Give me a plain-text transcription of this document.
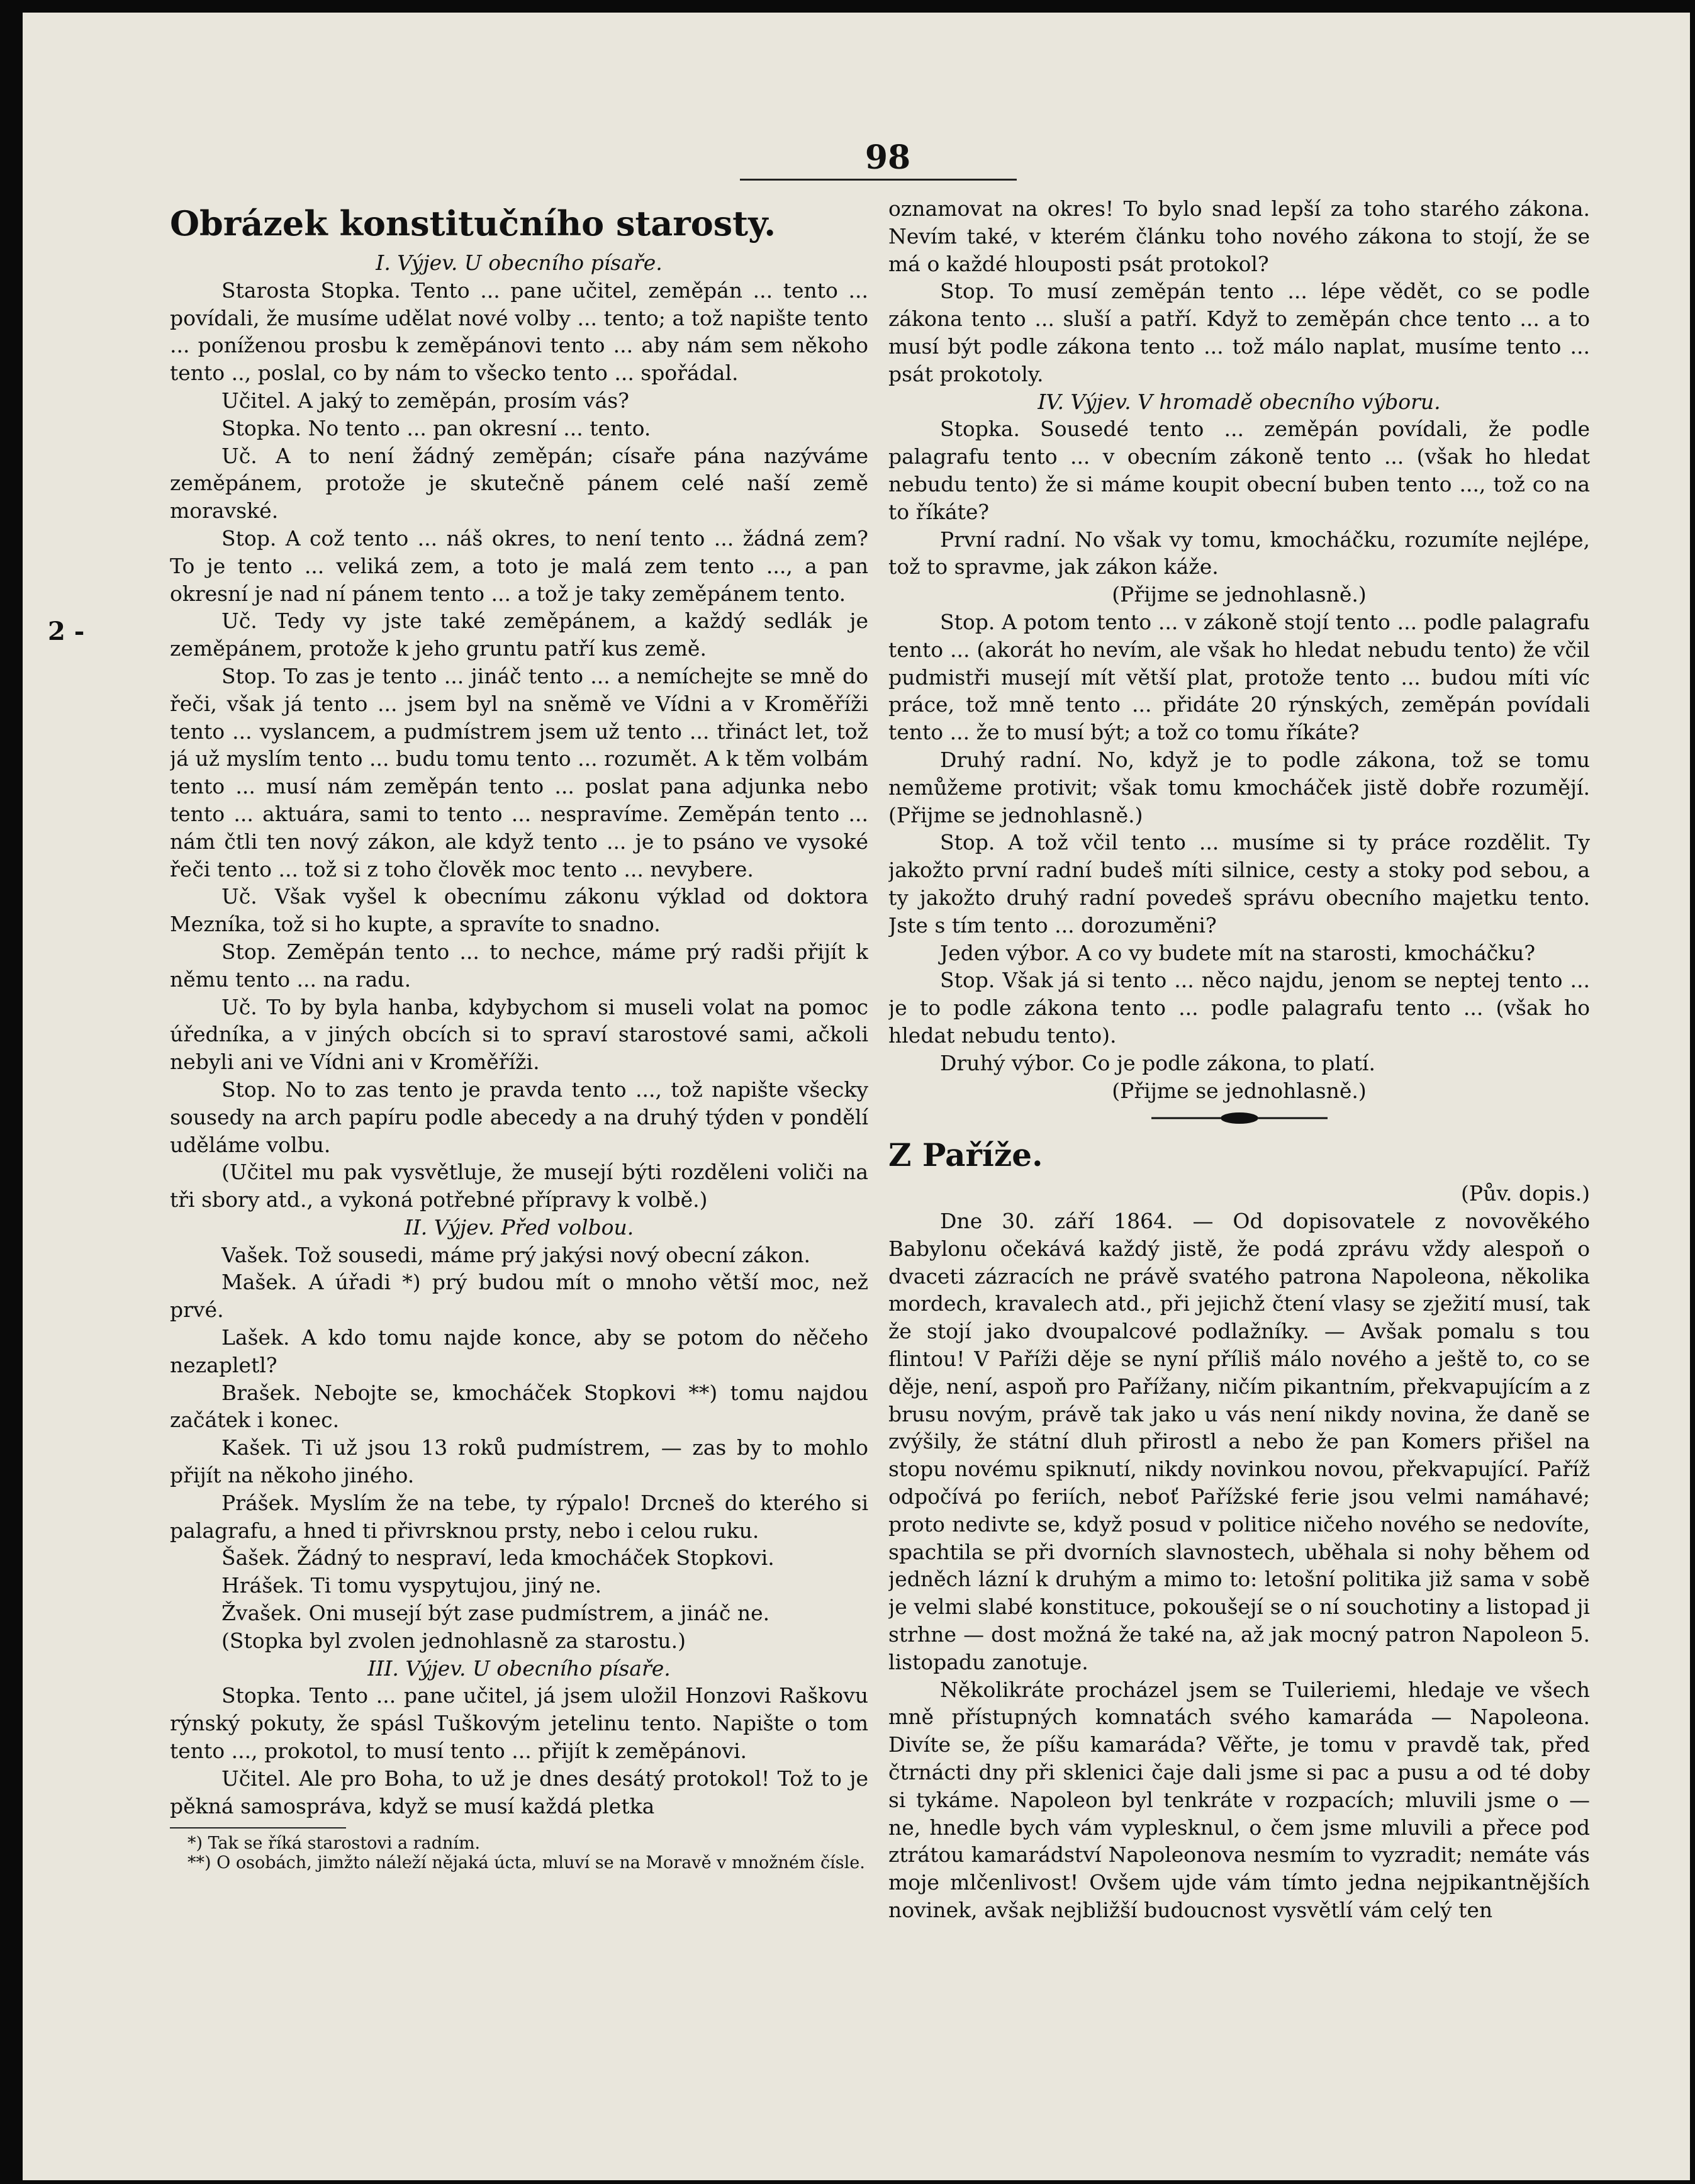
98

Obrázek konstitučního starosty.

I. Výjev. U obecního písaře.

Starosta Stopka. Tento ... pane učitel, zeměpán ... tento ... povídali, že musíme udělat nové volby ... tento; a tož napište tento ... poníženou prosbu k zeměpánovi tento ... aby nám sem někoho tento .., poslal, co by nám to všecko tento ... spořádal.

Učitel. A jaký to zeměpán, prosím vás?

Stopka. No tento ... pan okresní ... tento.

Uč. A to není žádný zeměpán; císaře pána nazýváme zeměpánem, protože je skutečně pánem celé naší země moravské.

Stop. A což tento ... náš okres, to není tento ... žádná zem? To je tento ... veliká zem, a toto je malá zem tento ..., a pan okresní je nad ní pánem tento ... a tož je taky zeměpánem tento.

Uč. Tedy vy jste také zeměpánem, a každý sedlák je zeměpánem, protože k jeho gruntu patří kus země.

Stop. To zas je tento ... jináč tento ... a nemíchejte se mně do řeči, však já tento ... jsem byl na sněmě ve Vídni a v Kroměříži tento ... vyslancem, a pudmístrem jsem už tento ... třináct let, tož já už myslím tento ... budu tomu tento ... rozumět. A k těm volbám tento ... musí nám zeměpán tento ... poslat pana adjunka nebo tento ... aktuára, sami to tento ... nespravíme. Zeměpán tento ... nám čtli ten nový zákon, ale když tento ... je to psáno ve vysoké řeči tento ... tož si z toho člověk moc tento ... nevybere.

Uč. Však vyšel k obecnímu zákonu výklad od doktora Mezníka, tož si ho kupte, a spravíte to snadno.

Stop. Zeměpán tento ... to nechce, máme prý radši přijít k němu tento ... na radu.

Uč. To by byla hanba, kdybychom si museli volat na pomoc úředníka, a v jiných obcích si to spraví starostové sami, ačkoli nebyli ani ve Vídni ani v Kroměříži.

Stop. No to zas tento je pravda tento ..., tož napište všecky sousedy na arch papíru podle abecedy a na druhý týden v pondělí uděláme volbu.

(Učitel mu pak vysvětluje, že musejí býti rozděleni voliči na tři sbory atd., a vykoná potřebné přípravy k volbě.)

II. Výjev. Před volbou.

Vašek. Tož sousedi, máme prý jakýsi nový obecní zákon.

Mašek. A úřadi *) prý budou mít o mnoho větší moc, než prvé.

Lašek. A kdo tomu najde konce, aby se potom do něčeho nezapletl?

Brašek. Nebojte se, kmocháček Stopkovi **) tomu najdou začátek i konec.

Kašek. Ti už jsou 13 roků pudmístrem, — zas by to mohlo přijít na někoho jiného.

Prášek. Myslím že na tebe, ty rýpalo! Drcneš do kterého si palagrafu, a hned ti přivrsknou prsty, nebo i celou ruku.

Šašek. Žádný to nespraví, leda kmocháček Stopkovi.

Hrášek. Ti tomu vyspytujou, jiný ne.

Žvašek. Oni musejí být zase pudmístrem, a jináč ne.

(Stopka byl zvolen jednohlasně za starostu.)

III. Výjev. U obecního písaře.

Stopka. Tento ... pane učitel, já jsem uložil Honzovi Raškovu rýnský pokuty, že spásl Tuškovým jetelinu tento. Napište o tom tento ..., prokotol, to musí tento ... přijít k zeměpánovi.

Učitel. Ale pro Boha, to už je dnes desátý protokol! Tož to je pěkná samospráva, když se musí každá pletka

*) Tak se říká starostovi a radním.

**) O osobách, jimžto náleží nějaká úcta, mluví se na Moravě v množném čísle.

oznamovat na okres! To bylo snad lepší za toho starého zákona. Nevím také, v kterém článku toho nového zákona to stojí, že se má o každé hlouposti psát protokol?

Stop. To musí zeměpán tento ... lépe vědět, co se podle zákona tento ... sluší a patří. Když to zeměpán chce tento ... a to musí být podle zákona tento ... tož málo naplat, musíme tento ... psát prokotoly.

IV. Výjev. V hromadě obecního výboru.

Stopka. Sousedé tento ... zeměpán povídali, že podle palagrafu tento ... v obecním zákoně tento ... (však ho hledat nebudu tento) že si máme koupit obecní buben tento ..., tož co na to říkáte?

První radní. No však vy tomu, kmocháčku, rozumíte nejlépe, tož to spravme, jak zákon káže.

(Přijme se jednohlasně.)

Stop. A potom tento ... v zákoně stojí tento ... podle palagrafu tento ... (akorát ho nevím, ale však ho hledat nebudu tento) že včil pudmistři musejí mít větší plat, protože tento ... budou míti víc práce, tož mně tento ... přidáte 20 rýnských, zeměpán povídali tento ... že to musí být; a tož co tomu říkáte?

Druhý radní. No, když je to podle zákona, tož se tomu nemůžeme protivit; však tomu kmocháček jistě dobře rozumějí. (Přijme se jednohlasně.)

Stop. A tož včil tento ... musíme si ty práce rozdělit. Ty jakožto první radní budeš míti silnice, cesty a stoky pod sebou, a ty jakožto druhý radní povedeš správu obecního majetku tento. Jste s tím tento ... dorozuměni?

Jeden výbor. A co vy budete mít na starosti, kmocháčku?

Stop. Však já si tento ... něco najdu, jenom se neptej tento ... je to podle zákona tento ... podle palagrafu tento ... (však ho hledat nebudu tento).

Druhý výbor. Co je podle zákona, to platí.

(Přijme se jednohlasně.)

Z Paříže.

(Pův. dopis.)

Dne 30. září 1864. — Od dopisovatele z novověkého Babylonu očekává každý jistě, že podá zprávu vždy alespoň o dvaceti zázracích ne právě svatého patrona Napoleona, několika mordech, kravalech atd., při jejichž čtení vlasy se zježití musí, tak že stojí jako dvoupalcové podlažníky. — Avšak pomalu s tou flintou! V Paříži děje se nyní příliš málo nového a ještě to, co se děje, není, aspoň pro Pařížany, ničím pikantním, překvapujícím a z brusu novým, právě tak jako u vás není nikdy novina, že daně se zvýšily, že státní dluh přirostl a nebo že pan Komers přišel na stopu novému spiknutí, nikdy novinkou novou, překvapující. Paříž odpočívá po feriích, neboť Pařížské ferie jsou velmi namáhavé; proto nedivte se, když posud v politice ničeho nového se nedovíte, spachtila se při dvorních slavnostech, uběhala si nohy během od jedněch lázní k druhým a mimo to: letošní politika již sama v sobě je velmi slabé konstituce, pokoušejí se o ní souchotiny a listopad ji strhne — dost možná že také na, až jak mocný patron Napoleon 5. listopadu zanotuje.

Několikráte procházel jsem se Tuileriemi, hledaje ve všech mně přístupných komnatách svého kamaráda — Napoleona. Divíte se, že píšu kamaráda? Věřte, je tomu v pravdě tak, před čtrnácti dny při sklenici čaje dali jsme si pac a pusu a od té doby si tykáme. Napoleon byl tenkráte v rozpacích; mluvili jsme o — ne, hnedle bych vám vyplesknul, o čem jsme mluvili a přece pod ztrátou kamarádství Napoleonova nesmím to vyzradit; nemáte vás moje mlčenlivost! Ovšem ujde vám tímto jedna nejpikantnějších novinek, avšak nejbližší budoucnost vysvětlí vám celý ten

2 -
